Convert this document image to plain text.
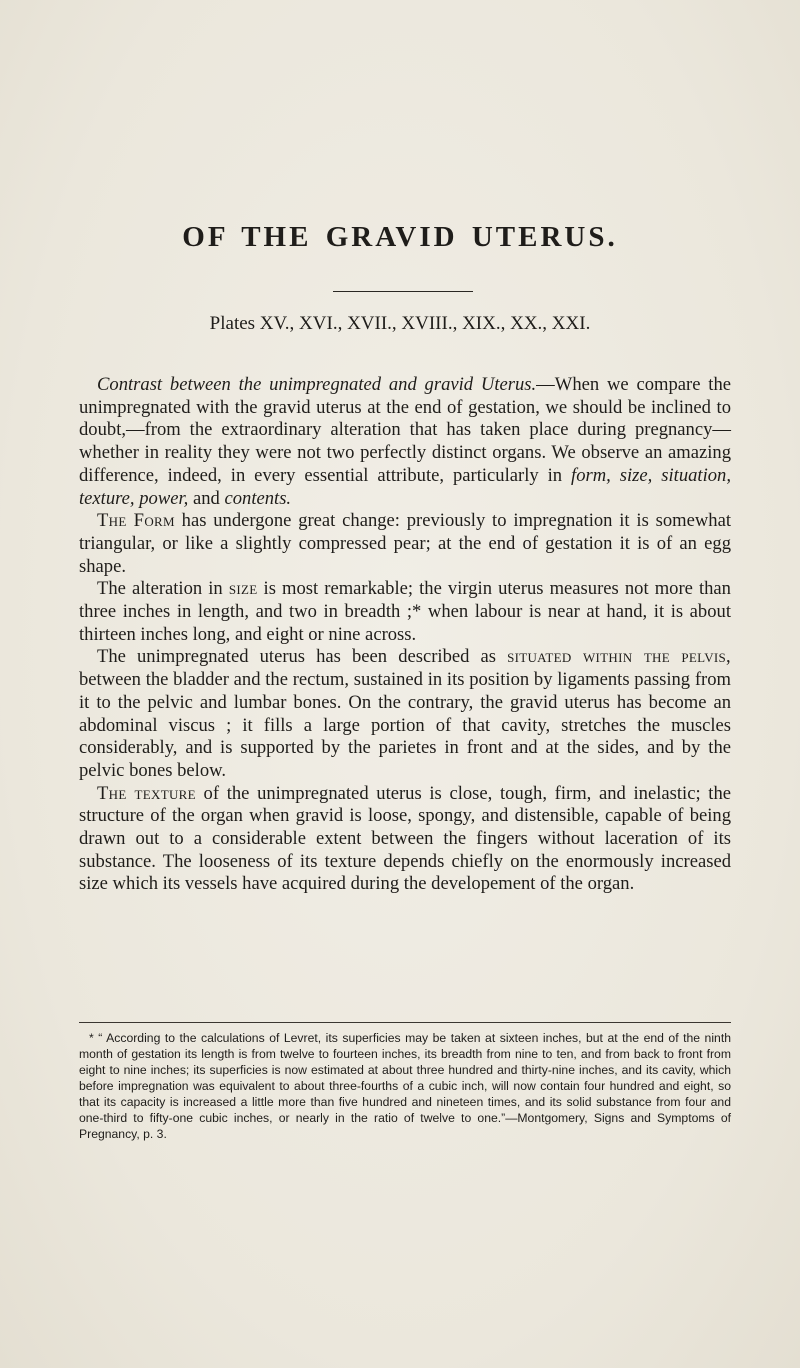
OF THE GRAVID UTERUS.

Plates XV., XVI., XVII., XVIII., XIX., XX., XXI.

Contrast between the unimpregnated and gravid Uterus.—When we compare the unimpregnated with the gravid uterus at the end of gestation, we should be inclined to doubt,—from the extraordinary alteration that has taken place during pregnancy—whether in reality they were not two perfectly distinct organs. We observe an amazing difference, indeed, in every essential attribute, particularly in form, size, situation, texture, power, and contents.

The Form has undergone great change: previously to impregnation it is somewhat triangular, or like a slightly compressed pear; at the end of gestation it is of an egg shape.

The alteration in size is most remarkable; the virgin uterus measures not more than three inches in length, and two in breadth ;* when labour is near at hand, it is about thirteen inches long, and eight or nine across.

The unimpregnated uterus has been described as situated within the pelvis, between the bladder and the rectum, sustained in its position by ligaments passing from it to the pelvic and lumbar bones. On the contrary, the gravid uterus has become an abdominal viscus ; it fills a large portion of that cavity, stretches the muscles considerably, and is supported by the parietes in front and at the sides, and by the pelvic bones below.

The texture of the unimpregnated uterus is close, tough, firm, and inelastic; the structure of the organ when gravid is loose, spongy, and distensible, capable of being drawn out to a considerable extent between the fingers without laceration of its substance. The looseness of its texture depends chiefly on the enormously increased size which its vessels have acquired during the developement of the organ.

* “ According to the calculations of Levret, its superficies may be taken at sixteen inches, but at the end of the ninth month of gestation its length is from twelve to fourteen inches, its breadth from nine to ten, and from back to front from eight to nine inches; its superficies is now estimated at about three hundred and thirty-nine inches, and its cavity, which before impregnation was equivalent to about three-fourths of a cubic inch, will now contain four hundred and eight, so that its capacity is increased a little more than five hundred and nineteen times, and its solid substance from four and one-third to fifty-one cubic inches, or nearly in the ratio of twelve to one.”—Montgomery, Signs and Symptoms of Pregnancy, p. 3.
